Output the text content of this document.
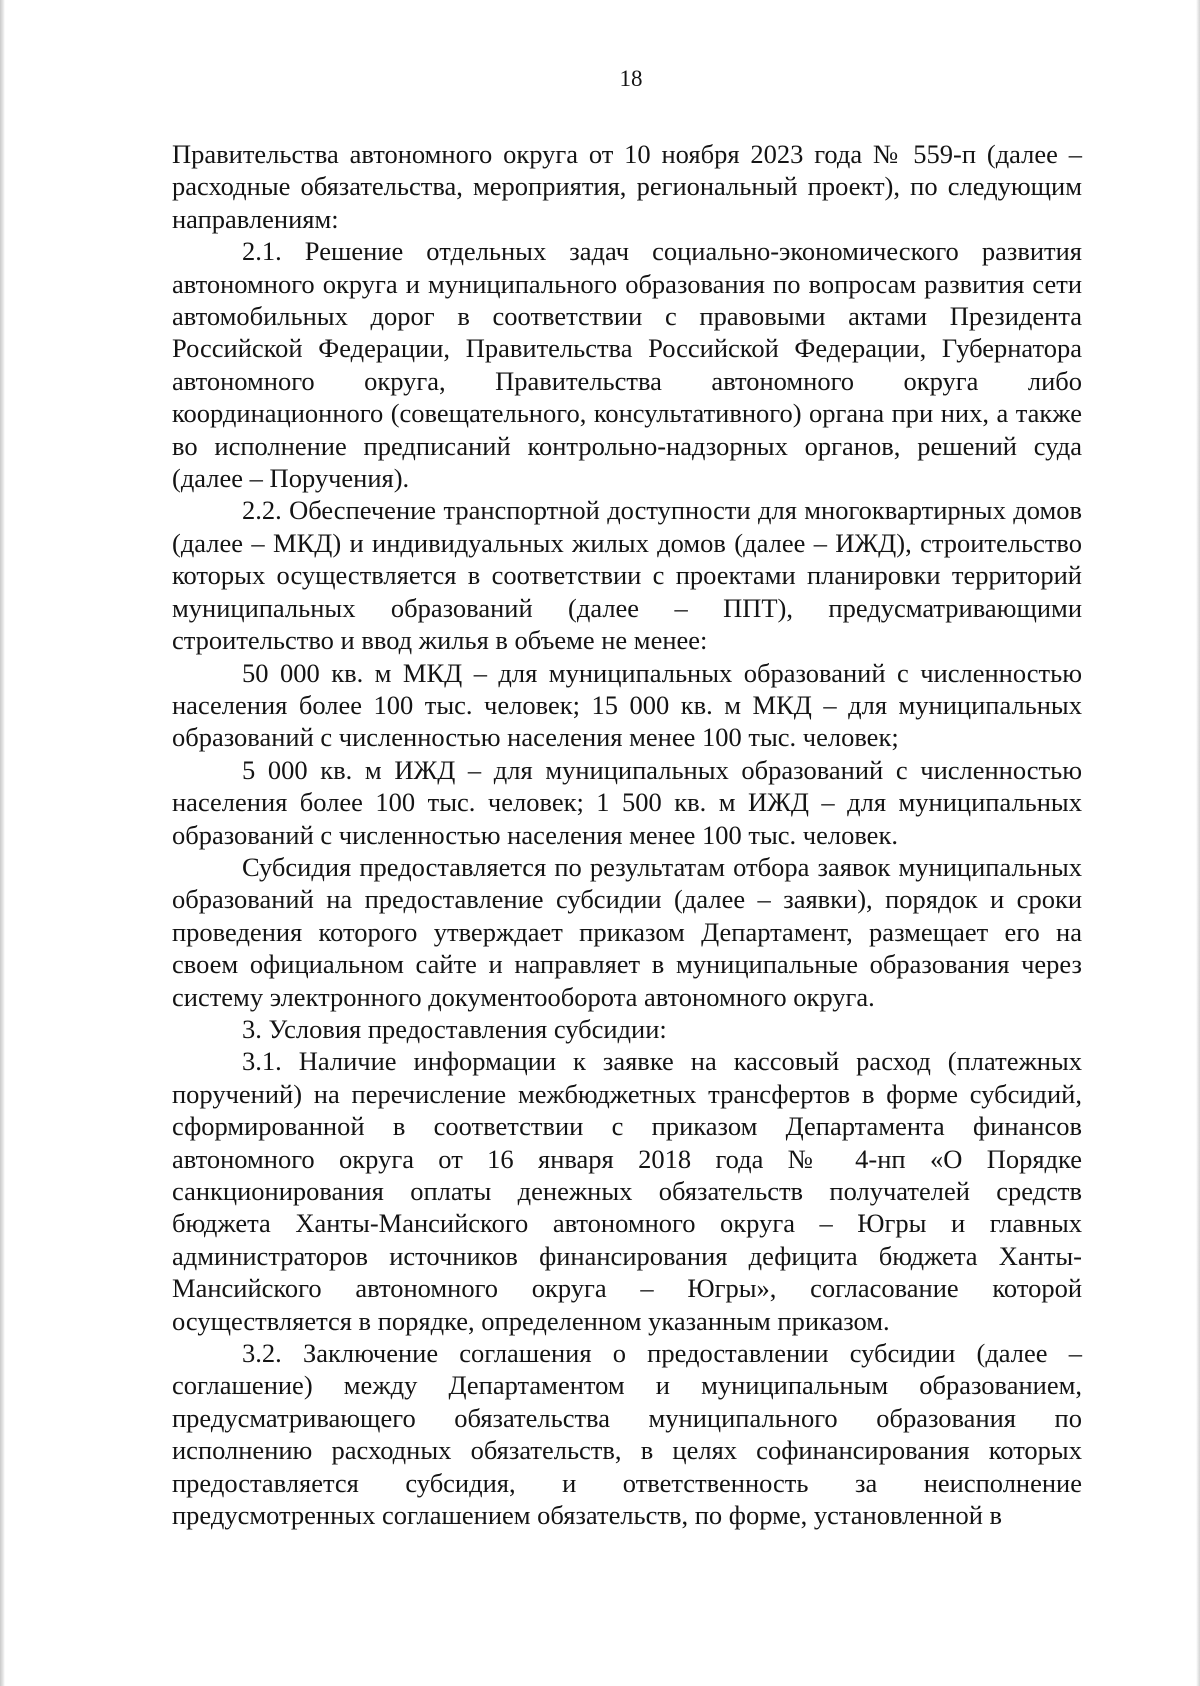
18

Правительства автономного округа от 10 ноября 2023 года № 559-п (далее – расходные обязательства, мероприятия, региональный проект), по следующим направлениям:

2.1. Решение отдельных задач социально-экономического развития автономного округа и муниципального образования по вопросам развития сети автомобильных дорог в соответствии с правовыми актами Президента Российской Федерации, Правительства Российской Федерации, Губернатора автономного округа, Правительства автономного округа либо координационного (совещательного, консультативного) органа при них, а также во исполнение предписаний контрольно-надзорных органов, решений суда (далее – Поручения).

2.2. Обеспечение транспортной доступности для многоквартирных домов (далее – МКД) и индивидуальных жилых домов (далее – ИЖД), строительство которых осуществляется в соответствии с проектами планировки территорий муниципальных образований (далее – ППТ), предусматривающими строительство и ввод жилья в объеме не менее:

50 000 кв. м МКД – для муниципальных образований с численностью населения более 100 тыс. человек; 15 000 кв. м МКД – для муниципальных образований с численностью населения менее 100 тыс. человек;

5 000 кв. м ИЖД – для муниципальных образований с численностью населения более 100 тыс. человек; 1 500 кв. м ИЖД – для муниципальных образований с численностью населения менее 100 тыс. человек.

Субсидия предоставляется по результатам отбора заявок муниципальных образований на предоставление субсидии (далее – заявки), порядок и сроки проведения которого утверждает приказом Департамент, размещает его на своем официальном сайте и направляет в муниципальные образования через систему электронного документооборота автономного округа.

3. Условия предоставления субсидии:

3.1. Наличие информации к заявке на кассовый расход (платежных поручений) на перечисление межбюджетных трансфертов в форме субсидий, сформированной в соответствии с приказом Департамента финансов автономного округа от 16 января 2018 года № 4-нп «О Порядке санкционирования оплаты денежных обязательств получателей средств бюджета Ханты-Мансийского автономного округа – Югры и главных администраторов источников финансирования дефицита бюджета Ханты-Мансийского автономного округа – Югры», согласование которой осуществляется в порядке, определенном указанным приказом.

3.2. Заключение соглашения о предоставлении субсидии (далее – соглашение) между Департаментом и муниципальным образованием, предусматривающего обязательства муниципального образования по исполнению расходных обязательств, в целях софинансирования которых предоставляется субсидия, и ответственность за неисполнение предусмотренных соглашением обязательств, по форме, установленной в
